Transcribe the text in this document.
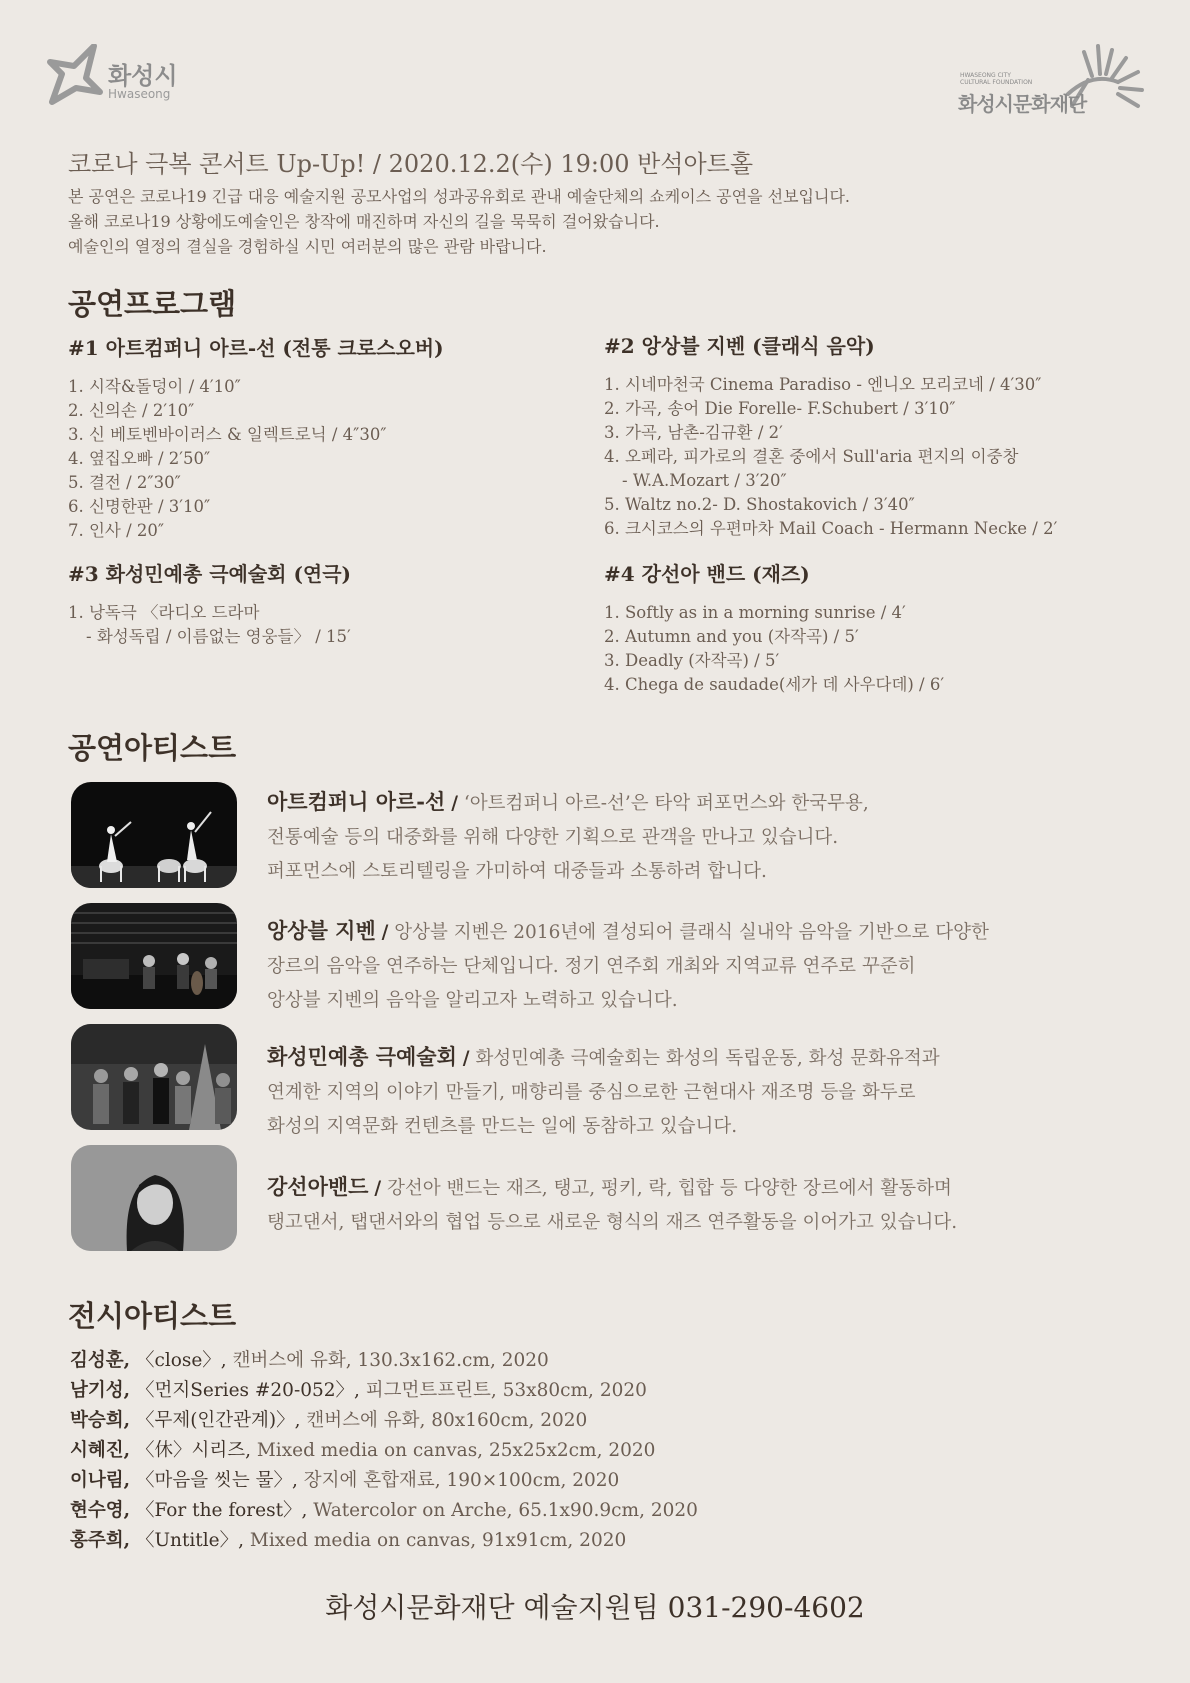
화성시
Hwaseong
HWASEONG CITY
CULTURAL FOUNDATION
화성시문화재단
코로나 극복 콘서트 Up-Up! / 2020.12.2(수) 19:00 반석아트홀

본 공연은 코로나19 긴급 대응 예술지원 공모사업의 성과공유회로 관내 예술단체의 쇼케이스 공연을 선보입니다.

올해 코로나19 상황에도예술인은 창작에 매진하며 자신의 길을 묵묵히 걸어왔습니다.

예술인의 열정의 결실을 경험하실 시민 여러분의 많은 관람 바랍니다.

공연프로그램
#1 아트컴퍼니 아르-선 (전통 크로스오버)
1. 시작&돌덩이 / 4′10″
2. 신의손 / 2′10″
3. 신 베토벤바이러스 & 일렉트로닉 / 4″30″
4. 옆집오빠 / 2′50″
5. 결전 / 2″30″
6. 신명한판 / 3′10″
7. 인사 / 20″
#2 앙상블 지벤 (클래식 음악)
1. 시네마천국 Cinema Paradiso - 엔니오 모리코네 / 4′30″
2. 가곡, 송어 Die Forelle- F.Schubert / 3′10″
3. 가곡, 남촌-김규환 / 2′
4. 오페라, 피가로의 결혼 중에서 Sull'aria 편지의 이중창
- W.A.Mozart / 3′20″
5. Waltz no.2- D. Shostakovich / 3′40″
6. 크시코스의 우편마차 Mail Coach - Hermann Necke / 2′
#3 화성민예총 극예술회 (연극)
1. 낭독극 〈라디오 드라마
- 화성독립 / 이름없는 영웅들〉 / 15′
#4 강선아 밴드 (재즈)
1. Softly as in a morning sunrise / 4′
2. Autumn and you (자작곡) / 5′
3. Deadly (자작곡) / 5′
4. Chega de saudade(세가 데 사우다데) / 6′
공연아티스트

아트컴퍼니 아르-선 / ‘아트컴퍼니 아르-선’은 타악 퍼포먼스와 한국무용,

전통예술 등의 대중화를 위해 다양한 기획으로 관객을 만나고 있습니다.

퍼포먼스에 스토리텔링을 가미하여 대중들과 소통하려 합니다.

앙상블 지벤 / 앙상블 지벤은 2016년에 결성되어 클래식 실내악 음악을 기반으로 다양한

장르의 음악을 연주하는 단체입니다. 정기 연주회 개최와 지역교류 연주로 꾸준히

앙상블 지벤의 음악을 알리고자 노력하고 있습니다.

화성민예총 극예술회 / 화성민예총 극예술회는 화성의 독립운동, 화성 문화유적과

연계한 지역의 이야기 만들기, 매향리를 중심으로한 근현대사 재조명 등을 화두로

화성의 지역문화 컨텐츠를 만드는 일에 동참하고 있습니다.

강선아밴드 / 강선아 밴드는 재즈, 탱고, 펑키, 락, 힙합 등 다양한 장르에서 활동하며

탱고댄서, 탭댄서와의 협업 등으로 새로운 형식의 재즈 연주활동을 이어가고 있습니다.

전시아티스트
김성훈, 〈close〉, 캔버스에 유화, 130.3x162.cm, 2020
남기성, 〈먼지Series #20-052〉, 피그먼트프린트, 53x80cm, 2020
박승희, 〈무제(인간관계)〉, 캔버스에 유화, 80x160cm, 2020
시혜진, 〈休〉시리즈, Mixed media on canvas, 25x25x2cm, 2020
이나림, 〈마음을 씻는 물〉, 장지에 혼합재료, 190×100cm, 2020
현수영, 〈For the forest〉, Watercolor on Arche, 65.1x90.9cm, 2020
홍주희, 〈Untitle〉, Mixed media on canvas, 91x91cm, 2020
화성시문화재단 예술지원팀 031-290-4602
